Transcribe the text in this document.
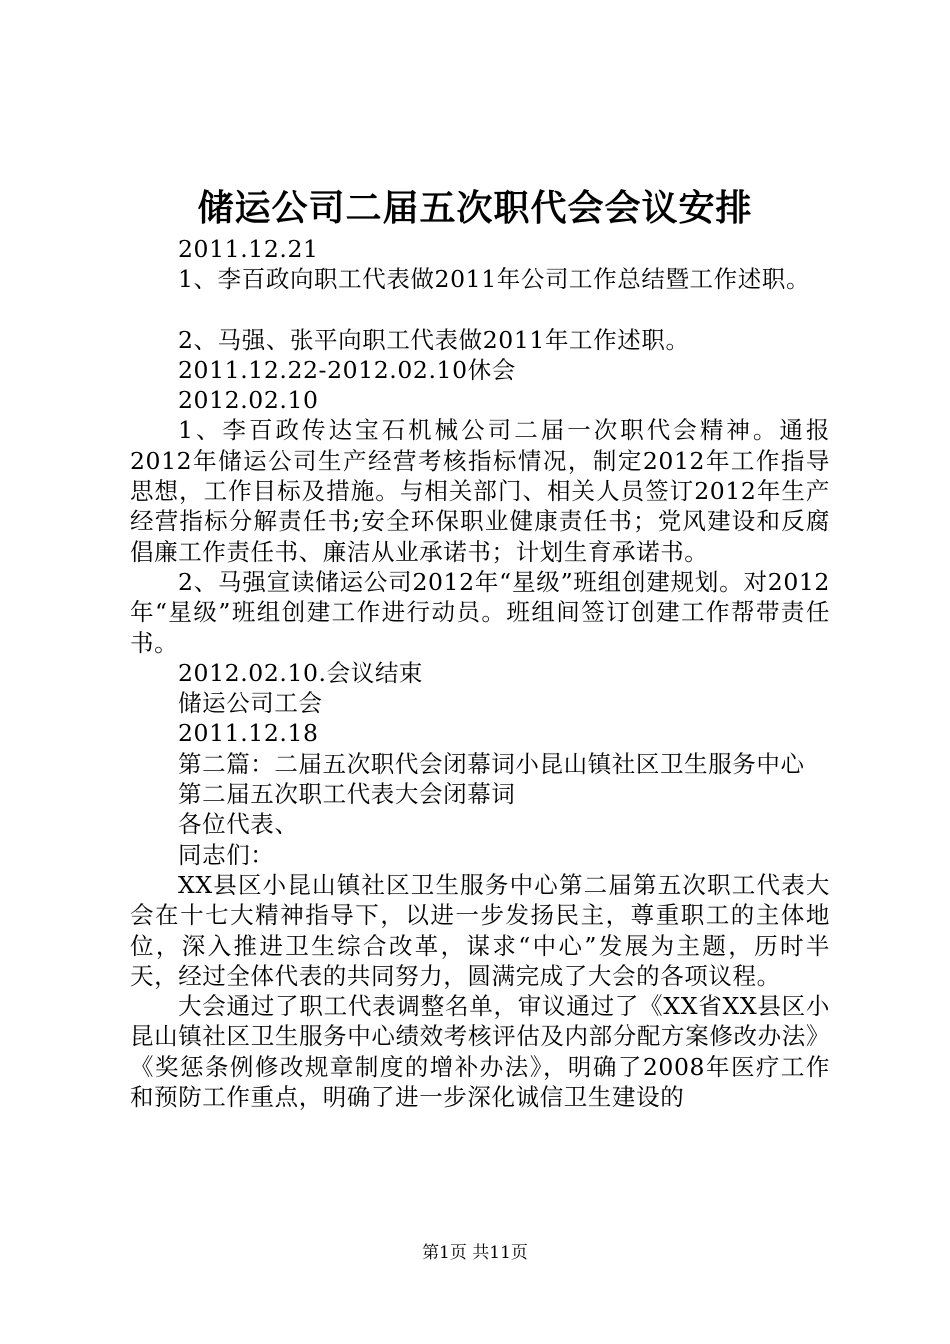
储运公司二届五次职代会会议安排
2011.12.21
1、李百政向职工代表做2011年公司工作总结暨工作述职。
2、马强、张平向职工代表做2011年工作述职。
2011.12.22-2012.02.10休会
2012.02.10
1、李百政传达宝石机械公司二届一次职代会精神。通报2012年储运公司生产经营考核指标情况，制定2012年工作指导思想，工作目标及措施。与相关部门、相关人员签订2012年生产经营指标分解责任书;安全环保职业健康责任书；党风建设和反腐倡廉工作责任书、廉洁从业承诺书；计划生育承诺书。
2、马强宣读储运公司2012年“星级”班组创建规划。对2012年“星级”班组创建工作进行动员。班组间签订创建工作帮带责任书。
2012.02.10.会议结束
储运公司工会
2011.12.18
第二篇：二届五次职代会闭幕词小昆山镇社区卫生服务中心
第二届五次职工代表大会闭幕词
各位代表、
同志们：
XX县区小昆山镇社区卫生服务中心第二届第五次职工代表大会在十七大精神指导下，以进一步发扬民主，尊重职工的主体地位，深入推进卫生综合改革，谋求“中心”发展为主题，历时半天，经过全体代表的共同努力，圆满完成了大会的各项议程。
大会通过了职工代表调整名单，审议通过了《XX省XX县区小昆山镇社区卫生服务中心绩效考核评估及内部分配方案修改办法》《奖惩条例修改规章制度的增补办法》，明确了2008年医疗工作和预防工作重点，明确了进一步深化诚信卫生建设的
第1页 共11页
